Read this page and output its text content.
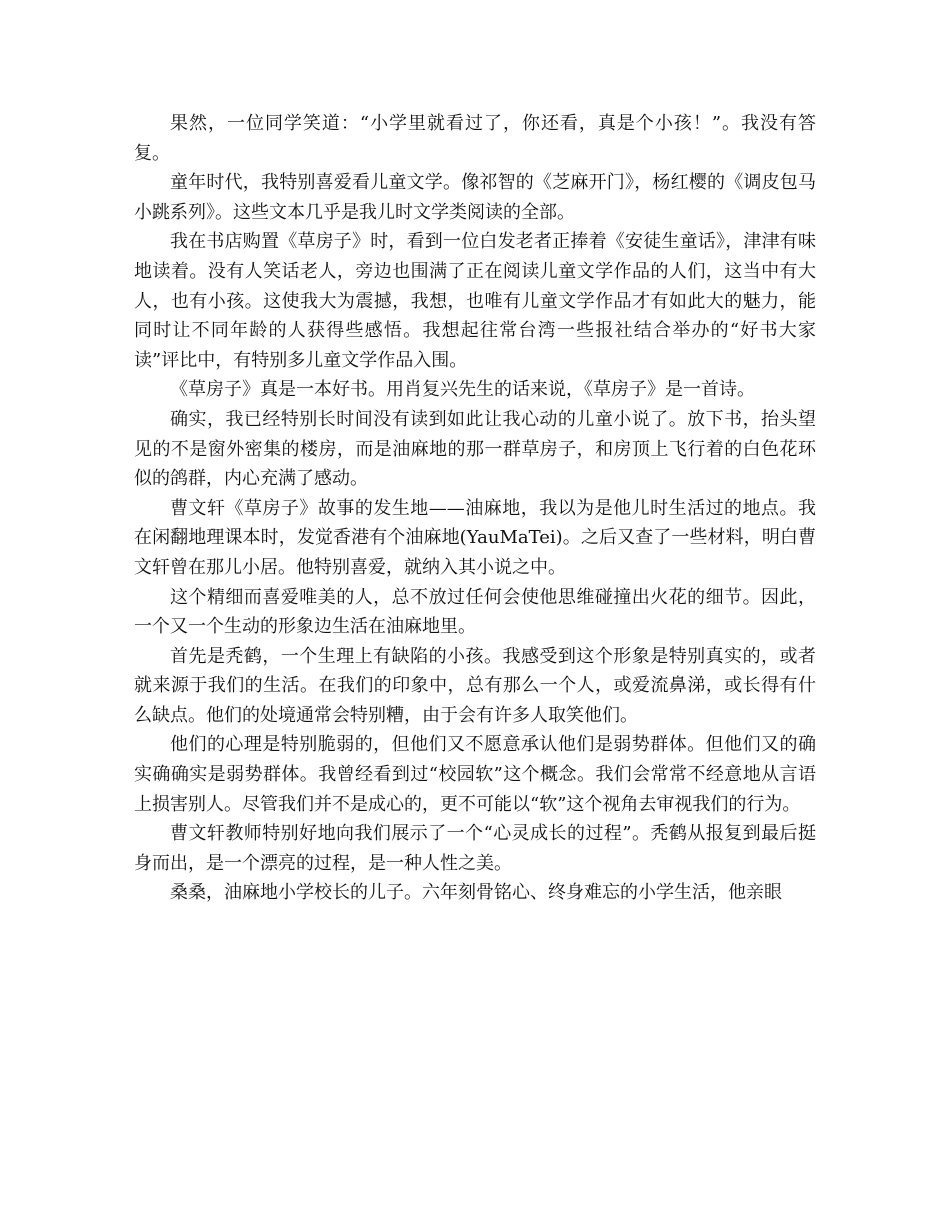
果然，一位同学笑道：“小学里就看过了，你还看，真是个小孩！”。我没有答复。

童年时代，我特别喜爱看儿童文学。像祁智的《芝麻开门》，杨红樱的《调皮包马小跳系列》。这些文本几乎是我儿时文学类阅读的全部。

我在书店购置《草房子》时，看到一位白发老者正捧着《安徒生童话》，津津有味地读着。没有人笑话老人，旁边也围满了正在阅读儿童文学作品的人们，这当中有大人，也有小孩。这使我大为震撼，我想，也唯有儿童文学作品才有如此大的魅力，能同时让不同年龄的人获得些感悟。我想起往常台湾一些报社结合举办的“好书大家读”评比中，有特别多儿童文学作品入围。

《草房子》真是一本好书。用肖复兴先生的话来说，《草房子》是一首诗。

确实，我已经特别长时间没有读到如此让我心动的儿童小说了。放下书，抬头望见的不是窗外密集的楼房，而是油麻地的那一群草房子，和房顶上飞行着的白色花环似的鸽群，内心充满了感动。

曹文轩《草房子》故事的发生地——油麻地，我以为是他儿时生活过的地点。我在闲翻地理课本时，发觉香港有个油麻地(YauMaTei)。之后又查了一些材料，明白曹文轩曾在那儿小居。他特别喜爱，就纳入其小说之中。

这个精细而喜爱唯美的人，总不放过任何会使他思维碰撞出火花的细节。因此，一个又一个生动的形象边生活在油麻地里。

首先是秃鹤，一个生理上有缺陷的小孩。我感受到这个形象是特别真实的，或者就来源于我们的生活。在我们的印象中，总有那么一个人，或爱流鼻涕，或长得有什么缺点。他们的处境通常会特别糟，由于会有许多人取笑他们。

他们的心理是特别脆弱的，但他们又不愿意承认他们是弱势群体。但他们又的确实确确实是弱势群体。我曾经看到过“校园软”这个概念。我们会常常不经意地从言语上损害别人。尽管我们并不是成心的，更不可能以“软”这个视角去审视我们的行为。

曹文轩教师特别好地向我们展示了一个“心灵成长的过程”。秃鹤从报复到最后挺身而出，是一个漂亮的过程，是一种人性之美。

桑桑，油麻地小学校长的儿子。六年刻骨铭心、终身难忘的小学生活，他亲眼
